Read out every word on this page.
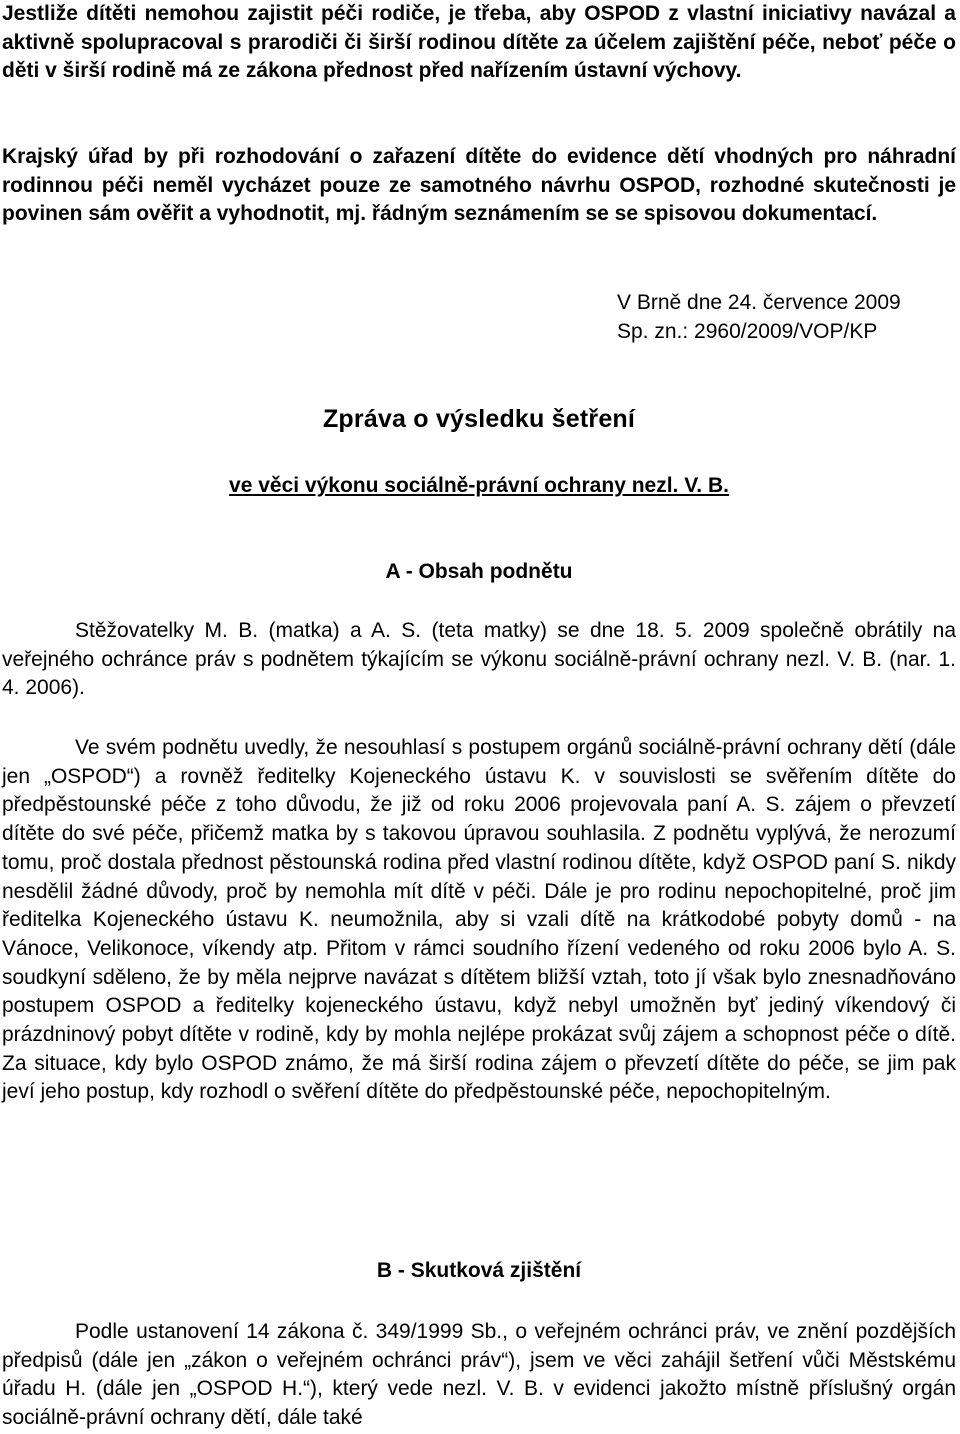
Jestliže dítěti nemohou zajistit péči rodiče, je třeba, aby OSPOD z vlastní iniciativy navázal a aktivně spolupracoval s prarodiči či širší rodinou dítěte za účelem zajištění péče, neboť péče o děti v širší rodině má ze zákona přednost před nařízením ústavní výchovy.

Krajský úřad by při rozhodování o zařazení dítěte do evidence dětí vhodných pro náhradní rodinnou péči neměl vycházet pouze ze samotného návrhu OSPOD, rozhodné skutečnosti je povinen sám ověřit a vyhodnotit, mj. řádným seznámením se se spisovou dokumentací.

V Brně dne 24. července 2009
Sp. zn.: 2960/2009/VOP/KP
Zpráva o výsledku šetření
ve věci výkonu sociálně-právní ochrany nezl. V. B.
A - Obsah podnětu

Stěžovatelky M. B. (matka) a A. S. (teta matky) se dne 18. 5. 2009 společně obrátily na veřejného ochránce práv s podnětem týkajícím se výkonu sociálně-právní ochrany nezl. V. B. (nar. 1. 4. 2006).

Ve svém podnětu uvedly, že nesouhlasí s postupem orgánů sociálně-právní ochrany dětí (dále jen „OSPOD“) a rovněž ředitelky Kojeneckého ústavu K. v souvislosti se svěřením dítěte do předpěstounské péče z toho důvodu, že již od roku 2006 projevovala paní A. S. zájem o převzetí dítěte do své péče, přičemž matka by s takovou úpravou souhlasila. Z podnětu vyplývá, že nerozumí tomu, proč dostala přednost pěstounská rodina před vlastní rodinou dítěte, když OSPOD paní S. nikdy nesdělil žádné důvody, proč by nemohla mít dítě v péči. Dále je pro rodinu nepochopitelné, proč jim ředitelka Kojeneckého ústavu K. neumožnila, aby si vzali dítě na krátkodobé pobyty domů - na Vánoce, Velikonoce, víkendy atp. Přitom v rámci soudního řízení vedeného od roku 2006 bylo A. S. soudkyní sděleno, že by měla nejprve navázat s dítětem bližší vztah, toto jí však bylo znesnadňováno postupem OSPOD a ředitelky kojeneckého ústavu, když nebyl umožněn byť jediný víkendový či prázdninový pobyt dítěte v rodině, kdy by mohla nejlépe prokázat svůj zájem a schopnost péče o dítě. Za situace, kdy bylo OSPOD známo, že má širší rodina zájem o převzetí dítěte do péče, se jim pak jeví jeho postup, kdy rozhodl o svěření dítěte do předpěstounské péče, nepochopitelným.

B - Skutková zjištění

Podle ustanovení 14 zákona č. 349/1999 Sb., o veřejném ochránci práv, ve znění pozdějších předpisů (dále jen „zákon o veřejném ochránci práv“), jsem ve věci zahájil šetření vůči Městskému úřadu H. (dále jen „OSPOD H.“), který vede nezl. V. B. v evidenci jakožto místně příslušný orgán sociálně-právní ochrany dětí, dále také
